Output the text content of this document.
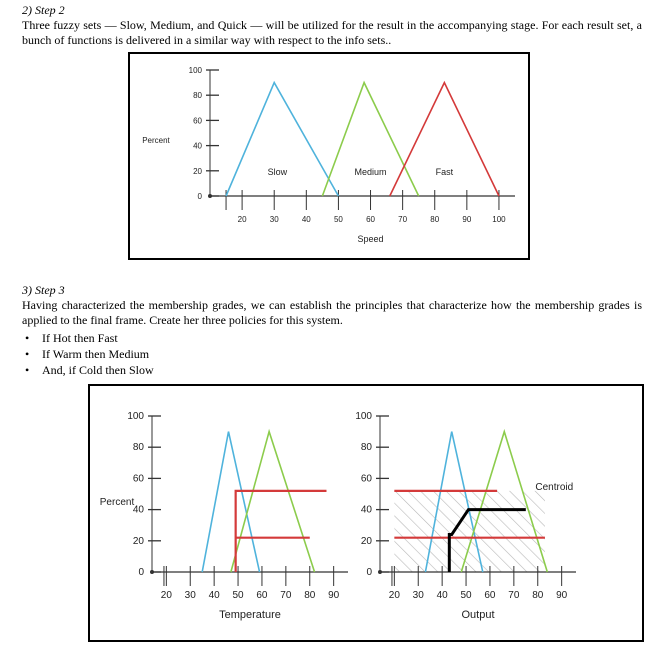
2) Step 2
Three fuzzy sets — Slow, Medium, and Quick — will be utilized for the result in the accompanying stage. For each result set, a bunch of functions is delivered in a similar way with respect to the info sets..
0
20
40
60
80
100
20	30	40	50	60	70	80	90	100
Speed
Percent
Slow	Medium	Fast
3) Step 3
Having characterized the membership grades, we can establish the principles that characterize how the membership grades is applied to the final frame. Create her three policies for this system.
• If Hot then Fast
• If Warm then Medium
• And, if Cold then Slow
0
20
40
60
80
100
20 30 40 50 60 70 80 90
Temperature
Percent
0
20
40
60
80
100
20 30 40 50 60 70 80 90
Output
Centroid
